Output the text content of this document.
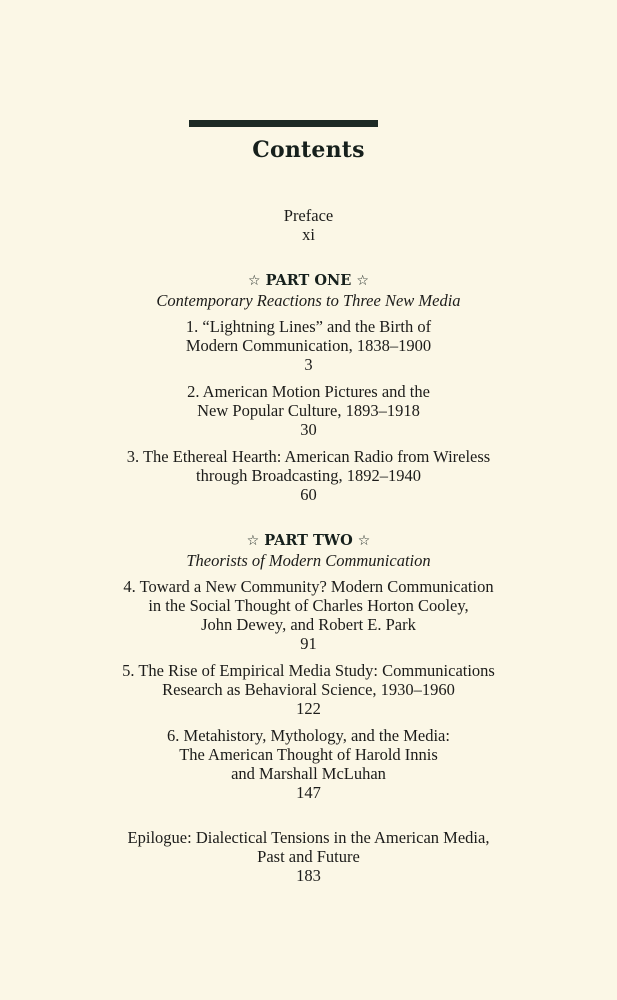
Contents
Preface
xi
☆ PART ONE ☆
Contemporary Reactions to Three New Media
1. “Lightning Lines” and the Birth of
Modern Communication, 1838–1900
3
2. American Motion Pictures and the
New Popular Culture, 1893–1918
30
3. The Ethereal Hearth: American Radio from Wireless
through Broadcasting, 1892–1940
60
☆ PART TWO ☆
Theorists of Modern Communication
4. Toward a New Community? Modern Communication
in the Social Thought of Charles Horton Cooley,
John Dewey, and Robert E. Park
91
5. The Rise of Empirical Media Study: Communications
Research as Behavioral Science, 1930–1960
122
6. Metahistory, Mythology, and the Media:
The American Thought of Harold Innis
and Marshall McLuhan
147
Epilogue: Dialectical Tensions in the American Media,
Past and Future
183
